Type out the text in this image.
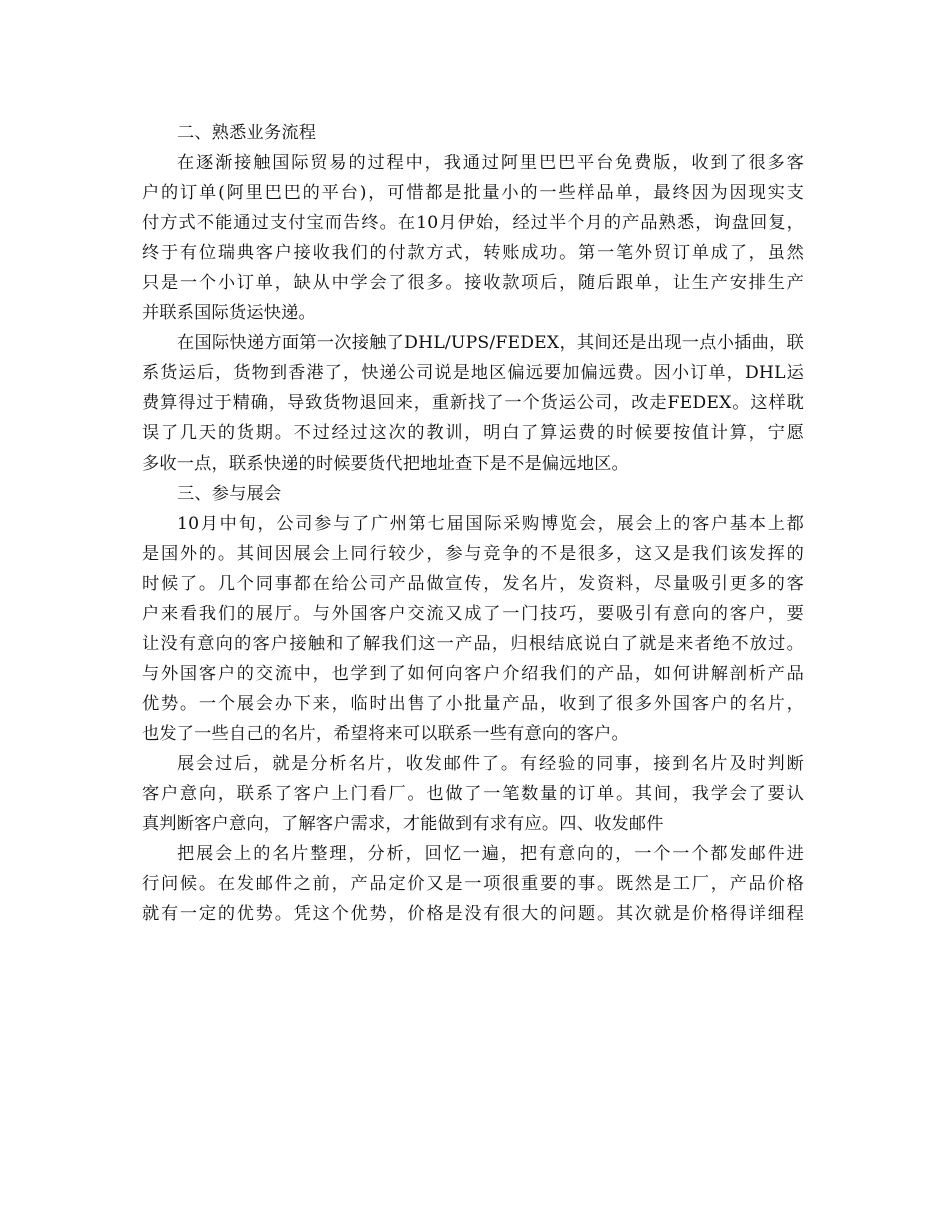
二、熟悉业务流程
在逐渐接触国际贸易的过程中，我通过阿里巴巴平台免费版，收到了很多客
户的订单(阿里巴巴的平台)，可惜都是批量小的一些样品单，最终因为因现实支
付方式不能通过支付宝而告终。在10月伊始，经过半个月的产品熟悉，询盘回复，
终于有位瑞典客户接收我们的付款方式，转账成功。第一笔外贸订单成了，虽然
只是一个小订单，缺从中学会了很多。接收款项后，随后跟单，让生产安排生产
并联系国际货运快递。
在国际快递方面第一次接触了DHL/UPS/FEDEX，其间还是出现一点小插曲，联
系货运后，货物到香港了，快递公司说是地区偏远要加偏远费。因小订单，DHL运
费算得过于精确，导致货物退回来，重新找了一个货运公司，改走FEDEX。这样耽
误了几天的货期。不过经过这次的教训，明白了算运费的时候要按值计算，宁愿
多收一点，联系快递的时候要货代把地址查下是不是偏远地区。
三、参与展会
10月中旬，公司参与了广州第七届国际采购博览会，展会上的客户基本上都
是国外的。其间因展会上同行较少，参与竞争的不是很多，这又是我们该发挥的
时候了。几个同事都在给公司产品做宣传，发名片，发资料，尽量吸引更多的客
户来看我们的展厅。与外国客户交流又成了一门技巧，要吸引有意向的客户，要
让没有意向的客户接触和了解我们这一产品，归根结底说白了就是来者绝不放过。
与外国客户的交流中，也学到了如何向客户介绍我们的产品，如何讲解剖析产品
优势。一个展会办下来，临时出售了小批量产品，收到了很多外国客户的名片，
也发了一些自己的名片，希望将来可以联系一些有意向的客户。
展会过后，就是分析名片，收发邮件了。有经验的同事，接到名片及时判断
客户意向，联系了客户上门看厂。也做了一笔数量的订单。其间，我学会了要认
真判断客户意向，了解客户需求，才能做到有求有应。四、收发邮件
把展会上的名片整理，分析，回忆一遍，把有意向的，一个一个都发邮件进
行问候。在发邮件之前，产品定价又是一项很重要的事。既然是工厂，产品价格
就有一定的优势。凭这个优势，价格是没有很大的问题。其次就是价格得详细程
